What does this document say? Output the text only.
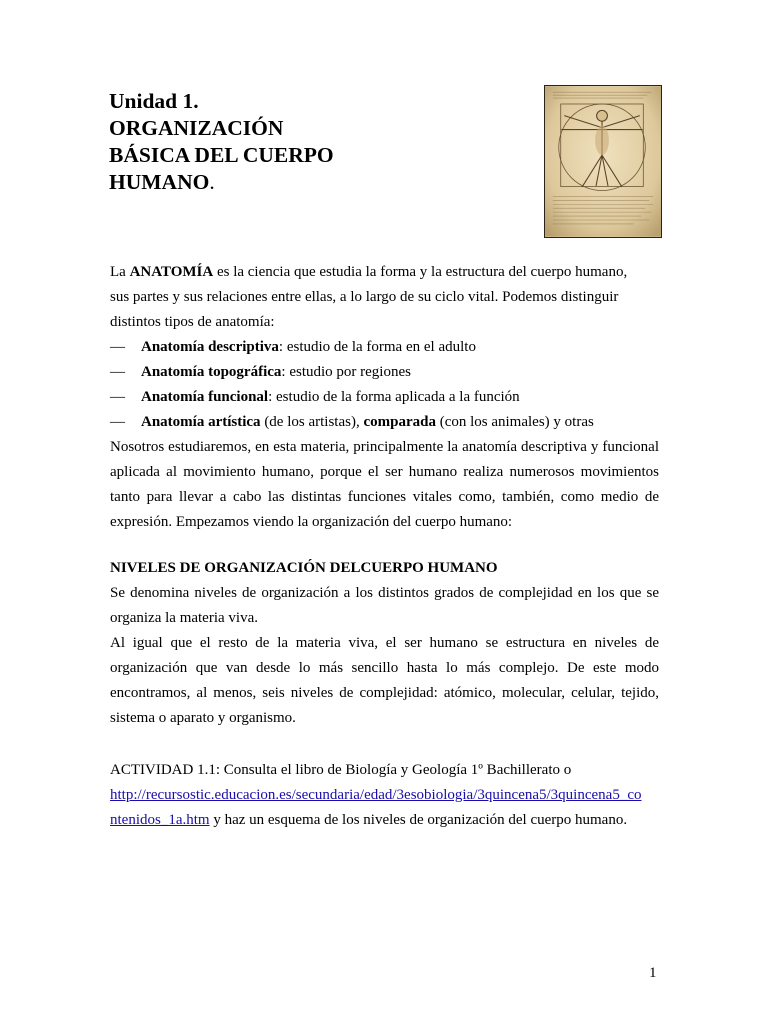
Unidad 1.
ORGANIZACIÓN
BÁSICA DEL CUERPO
HUMANO.
La ANATOMÍA es la ciencia que estudia la forma y la estructura del cuerpo humano,
sus partes y sus relaciones entre ellas, a lo largo de su ciclo vital. Podemos distinguir
distintos tipos de anatomía:
—	Anatomía descriptiva: estudio de la forma en el adulto
—	Anatomía topográfica: estudio por regiones
—	Anatomía funcional: estudio de la forma aplicada a la función
—	Anatomía artística (de los artistas), comparada (con los animales) y otras
Nosotros estudiaremos, en esta materia, principalmente la anatomía descriptiva y funcional aplicada al movimiento humano, porque el ser humano realiza numerosos movimientos tanto para llevar a cabo las distintas funciones vitales como, también, como medio de expresión. Empezamos viendo la organización del cuerpo humano:
NIVELES DE ORGANIZACIÓN DELCUERPO HUMANO
Se denomina niveles de organización a los distintos grados de complejidad en los que se organiza la materia viva.
Al igual que el resto de la materia viva, el ser humano se estructura en niveles de organización que van desde lo más sencillo hasta lo más complejo. De este modo encontramos, al menos, seis niveles de complejidad: atómico, molecular, celular, tejido, sistema o aparato y organismo.
ACTIVIDAD 1.1: Consulta el libro de Biología y Geología 1º Bachillerato o
http://recursostic.educacion.es/secundaria/edad/3esobiologia/3quincena5/3quincena5_co
ntenidos_1a.htm y haz un esquema de los niveles de organización del cuerpo humano.
1
